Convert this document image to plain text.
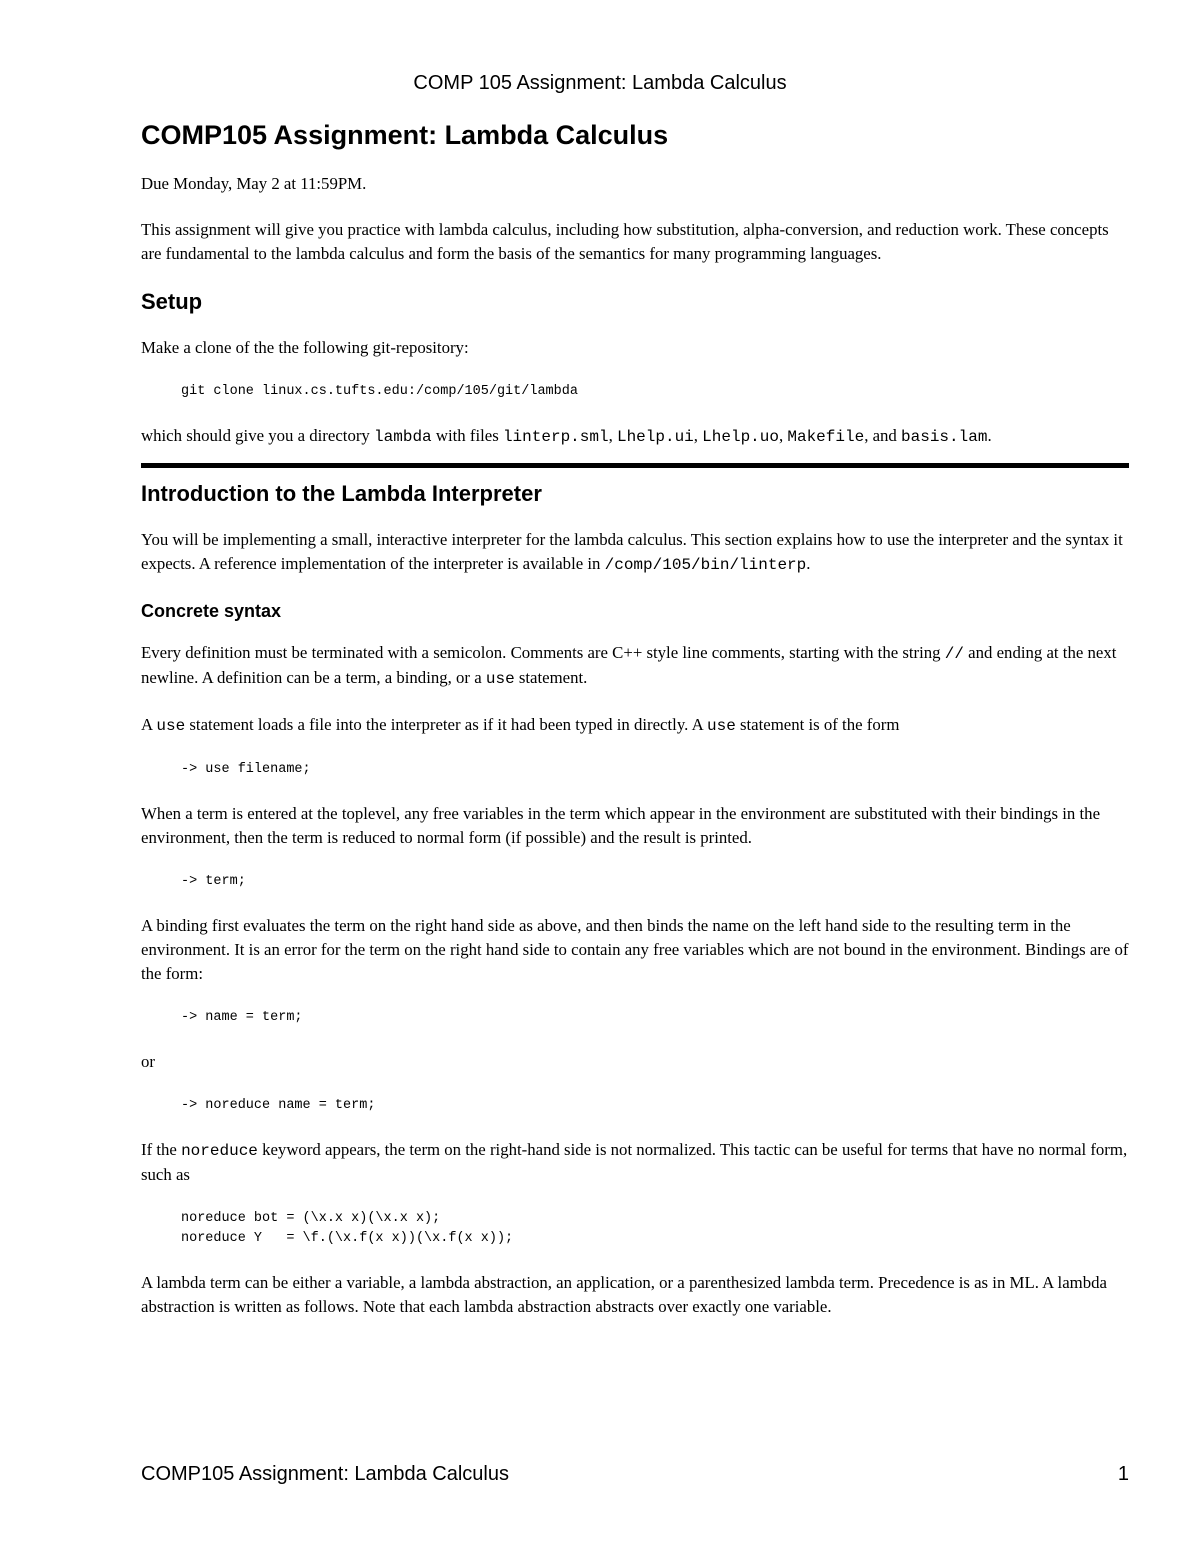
COMP 105 Assignment: Lambda Calculus
COMP105 Assignment: Lambda Calculus

Due Monday, May 2 at 11:59PM.

This assignment will give you practice with lambda calculus, including how substitution, alpha-conversion, and reduction work. These concepts are fundamental to the lambda calculus and form the basis of the semantics for many programming languages.

Setup

Make a clone of the the following git-repository:

git clone linux.cs.tufts.edu:/comp/105/git/lambda

which should give you a directory lambda with files linterp.sml, Lhelp.ui, Lhelp.uo, Makefile, and basis.lam.

Introduction to the Lambda Interpreter

You will be implementing a small, interactive interpreter for the lambda calculus. This section explains how to use the interpreter and the syntax it expects. A reference implementation of the interpreter is available in /comp/105/bin/linterp.

Concrete syntax

Every definition must be terminated with a semicolon. Comments are C++ style line comments, starting with the string // and ending at the next newline. A definition can be a term, a binding, or a use statement.

A use statement loads a file into the interpreter as if it had been typed in directly. A use statement is of the form

-> use filename;

When a term is entered at the toplevel, any free variables in the term which appear in the environment are substituted with their bindings in the environment, then the term is reduced to normal form (if possible) and the result is printed.

-> term;

A binding first evaluates the term on the right hand side as above, and then binds the name on the left hand side to the resulting term in the environment. It is an error for the term on the right hand side to contain any free variables which are not bound in the environment. Bindings are of the form:

-> name = term;

or

-> noreduce name = term;

If the noreduce keyword appears, the term on the right-hand side is not normalized. This tactic can be useful for terms that have no normal form, such as

noreduce bot = (\x.x x)(\x.x x);
noreduce Y   = \f.(\x.f(x x))(\x.f(x x));

A lambda term can be either a variable, a lambda abstraction, an application, or a parenthesized lambda term. Precedence is as in ML. A lambda abstraction is written as follows. Note that each lambda abstraction abstracts over exactly one variable.

COMP105 Assignment: Lambda Calculus	1
